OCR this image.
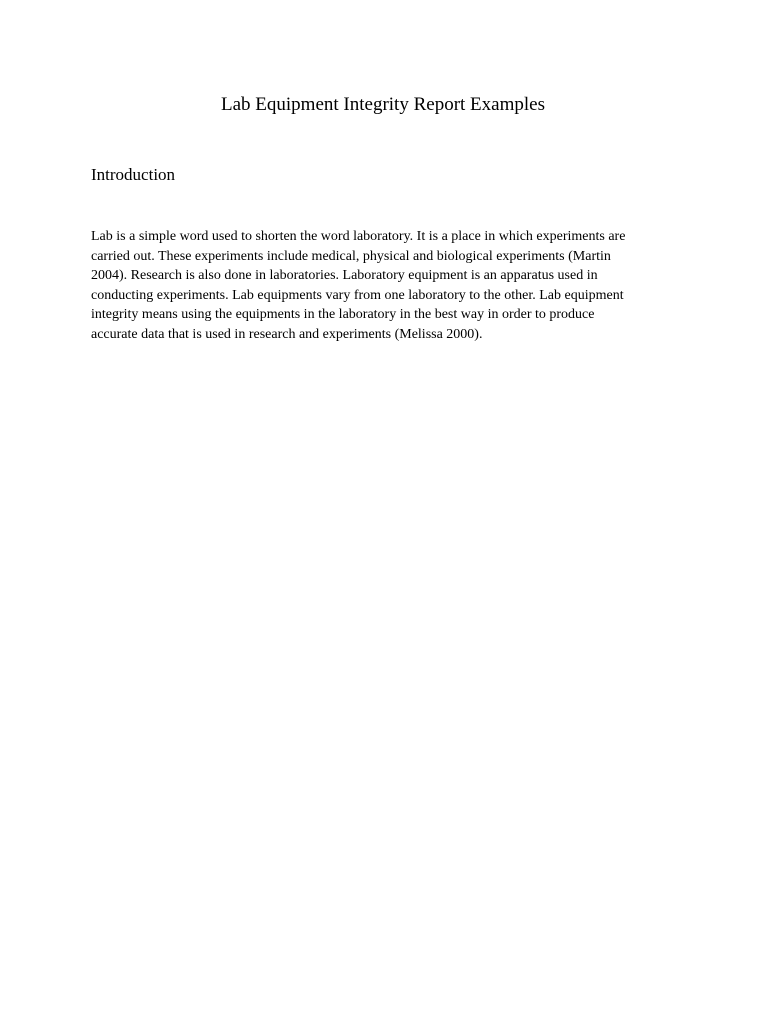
Lab Equipment Integrity Report Examples
Introduction

Lab is a simple word used to shorten the word laboratory. It is a place in which experiments are
carried out. These experiments include medical, physical and biological experiments (Martin
2004). Research is also done in laboratories. Laboratory equipment is an apparatus used in
conducting experiments. Lab equipments vary from one laboratory to the other. Lab equipment
integrity means using the equipments in the laboratory in the best way in order to produce
accurate data that is used in research and experiments (Melissa 2000).
